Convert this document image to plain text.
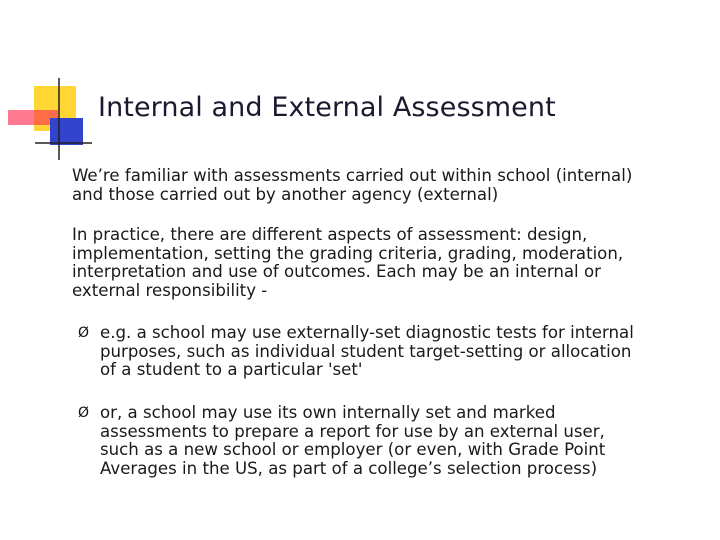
Internal and External Assessment
We’re familiar with assessments carried out within school (internal)
and those carried out by another agency (external)
In practice, there are different aspects of assessment: design,
implementation, setting the grading criteria, grading, moderation,
interpretation and use of outcomes. Each may be an internal or
external responsibility -
Ø e.g. a school may use externally-set diagnostic tests for internal
purposes, such as individual student target-setting or allocation
of a student to a particular 'set'
Ø or, a school may use its own internally set and marked
assessments to prepare a report for use by an external user,
such as a new school or employer (or even, with Grade Point
Averages in the US, as part of a college’s selection process)
